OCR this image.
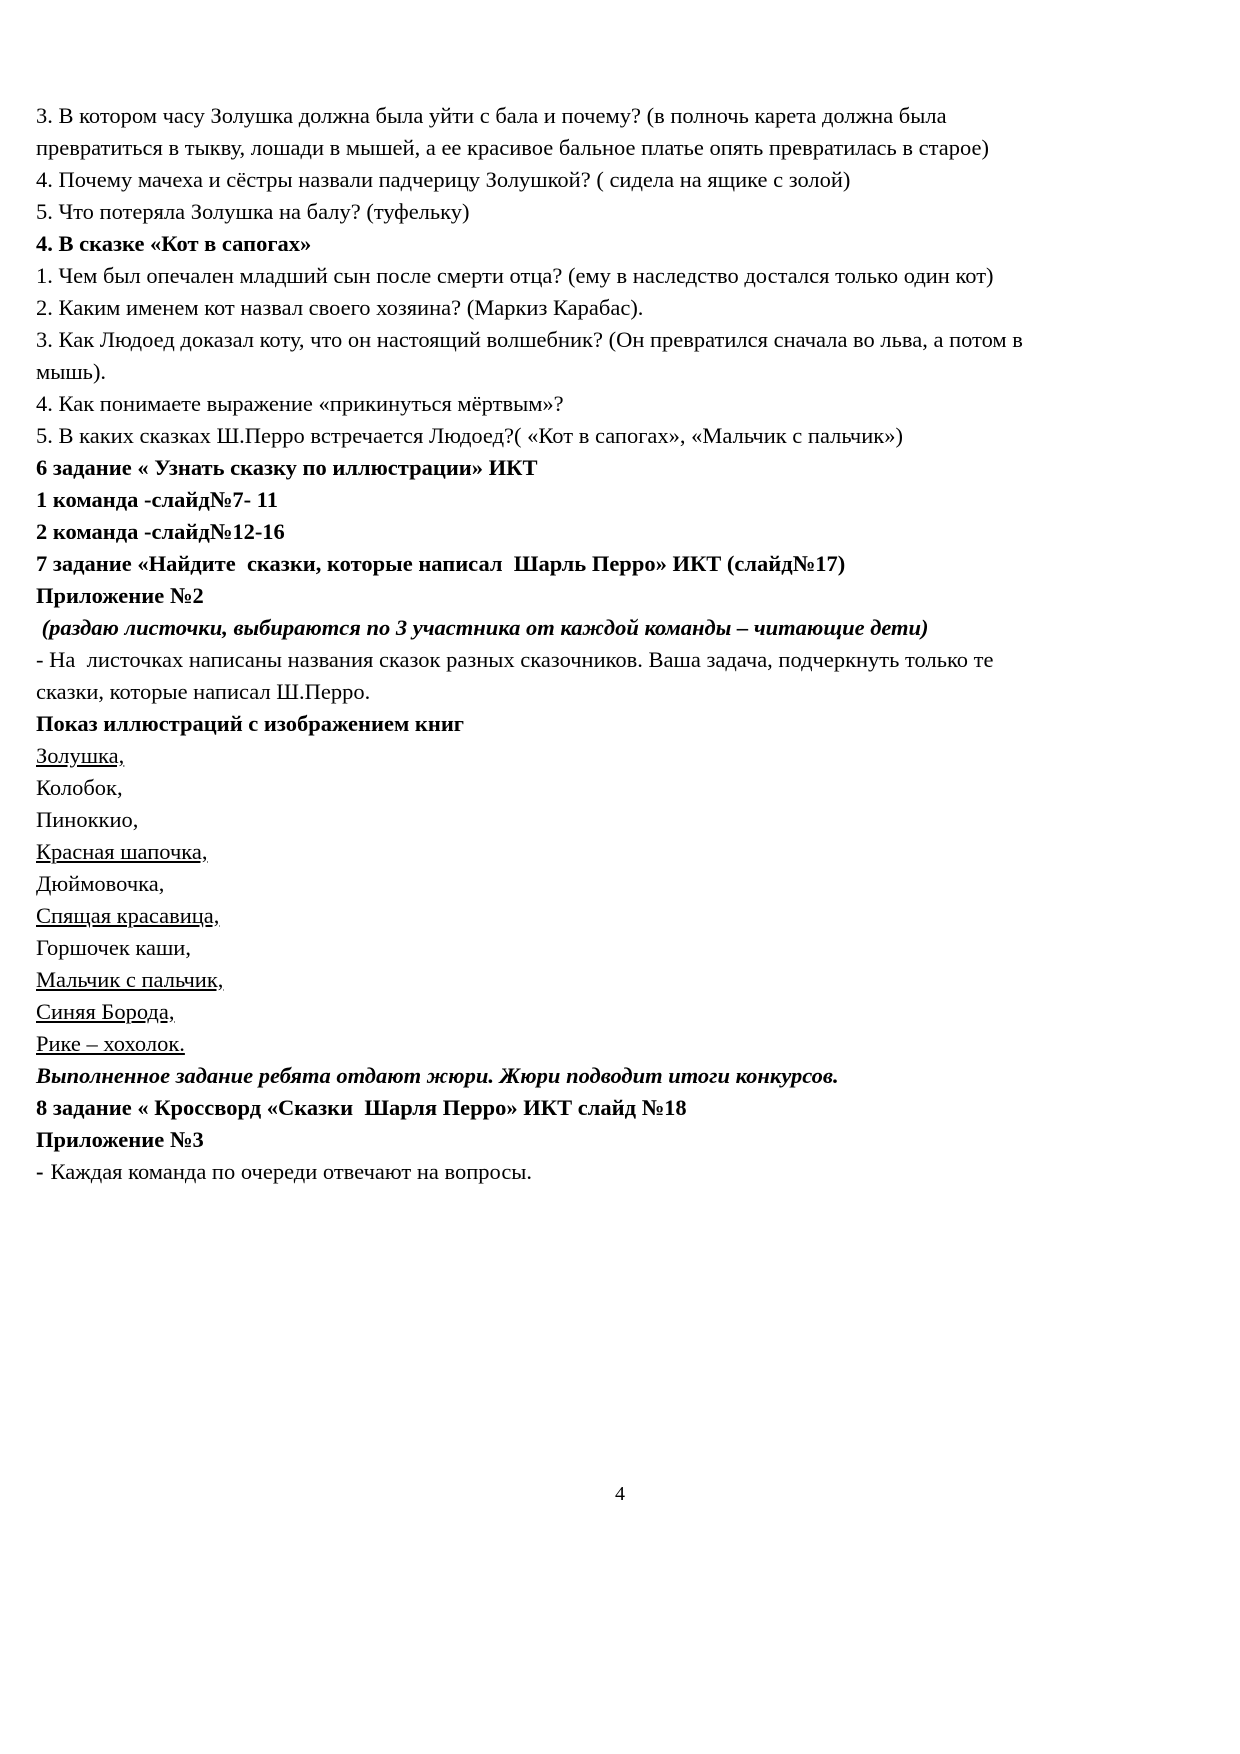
3. В котором часу Золушка должна была уйти с бала и почему? (в полночь карета должна была превратиться в тыкву, лошади в мышей, а ее красивое бальное платье опять превратилась в старое)

4. Почему мачеха и сёстры назвали падчерицу Золушкой? ( сидела на ящике с золой)

5. Что потеряла Золушка на балу? (туфельку)

4. В сказке «Кот в сапогах»

1. Чем был опечален младший сын после смерти отца? (ему в наследство достался только один кот)

2. Каким именем кот назвал своего хозяина? (Маркиз Карабас).

3. Как Людоед доказал коту, что он настоящий волшебник? (Он превратился сначала во льва, а потом в мышь).

4. Как понимаете выражение «прикинуться мёртвым»?

5. В каких сказках Ш.Перро встречается Людоед?( «Кот в сапогах», «Мальчик с пальчик»)

6 задание « Узнать сказку по иллюстрации» ИКТ

1 команда -слайд№7- 11

2 команда -слайд№12-16

7 задание «Найдите  сказки, которые написал  Шарль Перро» ИКТ (слайд№17)

Приложение №2

(раздаю листочки, выбираются по 3 участника от каждой команды – читающие дети)

- На  листочках написаны названия сказок разных сказочников. Ваша задача, подчеркнуть только те сказки, которые написал Ш.Перро.

Показ иллюстраций с изображением книг

Золушка,

Колобок,

Пиноккио,

Красная шапочка,

Дюймовочка,

Спящая красавица,

Горшочек каши,

Мальчик с пальчик,

Синяя Борода,

Рике – хохолок.

Выполненное задание ребята отдают жюри. Жюри подводит итоги конкурсов.

8 задание « Кроссворд «Сказки  Шарля Перро» ИКТ слайд №18

Приложение №3

- Каждая команда по очереди отвечают на вопросы.

4
